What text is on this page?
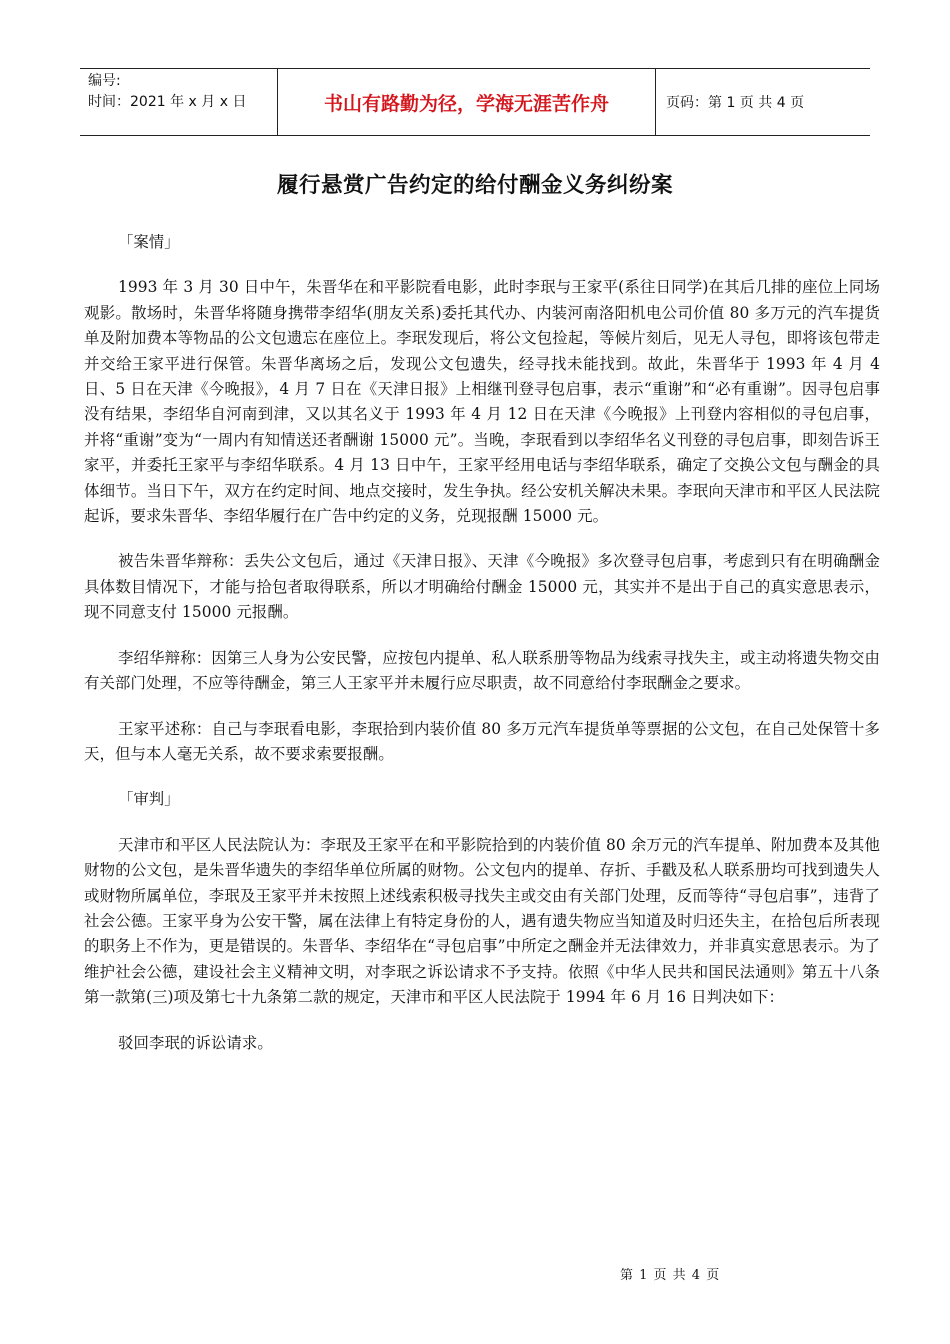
编号:
时间：2021 年 x 月 x 日	书山有路勤为径，学海无涯苦作舟	页码：第 1 页 共 4 页
履行悬赏广告约定的给付酬金义务纠纷案

「案情」

1993 年 3 月 30 日中午，朱晋华在和平影院看电影，此时李珉与王家平(系往日同学)在其后几排的座位上同场观影。散场时，朱晋华将随身携带李绍华(朋友关系)委托其代办、内装河南洛阳机电公司价值 80 多万元的汽车提货单及附加费本等物品的公文包遗忘在座位上。李珉发现后，将公文包捡起，等候片刻后，见无人寻包，即将该包带走并交给王家平进行保管。朱晋华离场之后，发现公文包遗失，经寻找未能找到。故此，朱晋华于 1993 年 4 月 4 日、5 日在天津《今晚报》，4 月 7 日在《天津日报》上相继刊登寻包启事，表示“重谢”和“必有重谢”。因寻包启事没有结果，李绍华自河南到津，又以其名义于 1993 年 4 月 12 日在天津《今晚报》上刊登内容相似的寻包启事，并将“重谢”变为“一周内有知情送还者酬谢 15000 元”。当晚，李珉看到以李绍华名义刊登的寻包启事，即刻告诉王家平，并委托王家平与李绍华联系。4 月 13 日中午，王家平经用电话与李绍华联系，确定了交换公文包与酬金的具体细节。当日下午，双方在约定时间、地点交接时，发生争执。经公安机关解决未果。李珉向天津市和平区人民法院起诉，要求朱晋华、李绍华履行在广告中约定的义务，兑现报酬 15000 元。

被告朱晋华辩称：丢失公文包后，通过《天津日报》、天津《今晚报》多次登寻包启事，考虑到只有在明确酬金具体数目情况下，才能与拾包者取得联系，所以才明确给付酬金 15000 元，其实并不是出于自己的真实意思表示，现不同意支付 15000 元报酬。

李绍华辩称：因第三人身为公安民警，应按包内提单、私人联系册等物品为线索寻找失主，或主动将遗失物交由有关部门处理，不应等待酬金，第三人王家平并未履行应尽职责，故不同意给付李珉酬金之要求。

王家平述称：自己与李珉看电影，李珉拾到内装价值 80 多万元汽车提货单等票据的公文包，在自己处保管十多天，但与本人毫无关系，故不要求索要报酬。

「审判」

天津市和平区人民法院认为：李珉及王家平在和平影院拾到的内装价值 80 余万元的汽车提单、附加费本及其他财物的公文包，是朱晋华遗失的李绍华单位所属的财物。公文包内的提单、存折、手戳及私人联系册均可找到遗失人或财物所属单位，李珉及王家平并未按照上述线索积极寻找失主或交由有关部门处理，反而等待“寻包启事”，违背了社会公德。王家平身为公安干警，属在法律上有特定身份的人，遇有遗失物应当知道及时归还失主，在拾包后所表现的职务上不作为，更是错误的。朱晋华、李绍华在“寻包启事”中所定之酬金并无法律效力，并非真实意思表示。为了维护社会公德，建设社会主义精神文明，对李珉之诉讼请求不予支持。依照《中华人民共和国民法通则》第五十八条第一款第(三)项及第七十九条第二款的规定，天津市和平区人民法院于 1994 年 6 月 16 日判决如下：

驳回李珉的诉讼请求。

第 1 页 共 4 页
